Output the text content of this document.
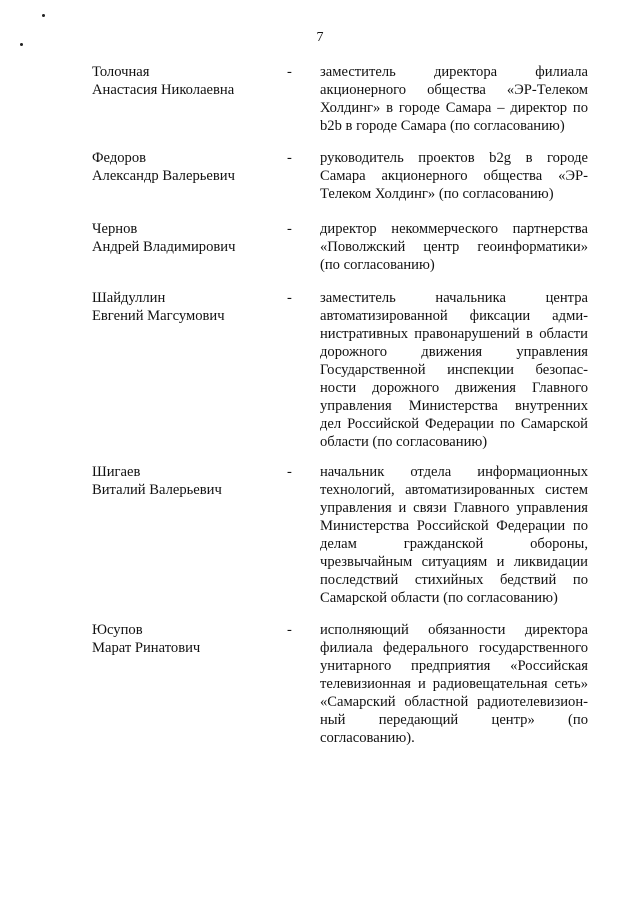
7
Толочная
Анастасия Николаевна
-	заместитель директора филиала
акционерного общества «ЭР-Телеком
Холдинг» в городе Самара – директор по
b2b в городе Самара (по согласованию)
Федоров
Александр Валерьевич
-	руководитель проектов b2g в городе
Самара акционерного общества «ЭР-
Телеком Холдинг» (по согласованию)
Чернов
Андрей Владимирович
-	директор некоммерческого партнерства
«Поволжский центр геоинформатики»
(по согласованию)
Шайдуллин
Евгений Магсумович
-	заместитель начальника центра
автоматизированной фиксации адми-
нистративных правонарушений в области
дорожного движения управления
Государственной инспекции безопас-
ности дорожного движения Главного
управления Министерства внутренних
дел Российской Федерации по Самарской
области (по согласованию)
Шигаев
Виталий Валерьевич
-	начальник отдела информационных
технологий, автоматизированных систем
управления и связи Главного управления
Министерства Российской Федерации по
делам гражданской обороны,
чрезвычайным ситуациям и ликвидации
последствий стихийных бедствий по
Самарской области (по согласованию)
Юсупов
Марат Ринатович
-	исполняющий обязанности директора
филиала федерального государственного
унитарного предприятия «Российская
телевизионная и радиовещательная сеть»
«Самарский областной радиотелевизион-
ный передающий центр» (по
согласованию).
